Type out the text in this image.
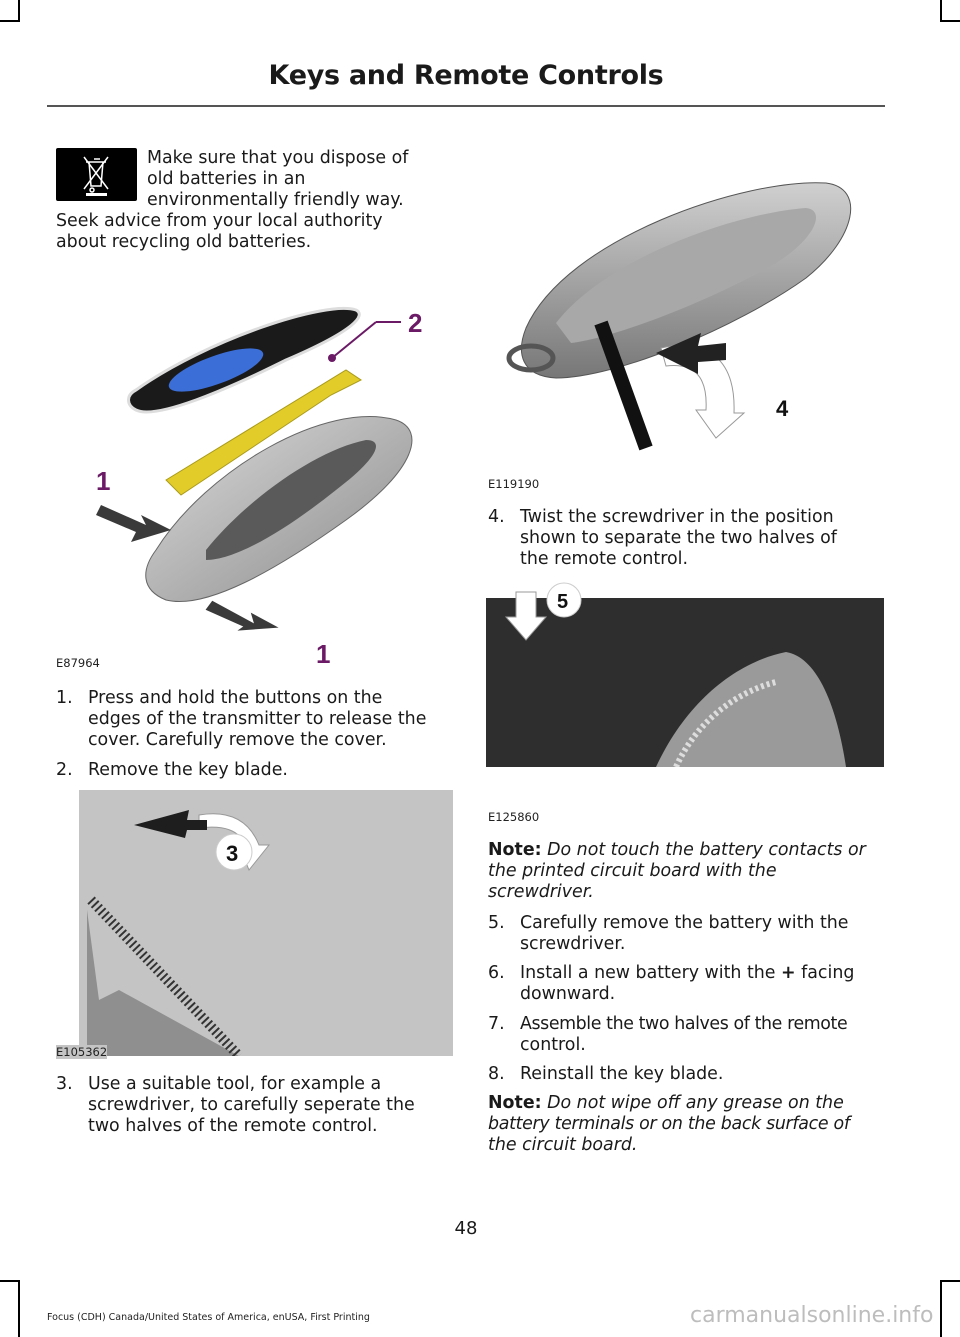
Keys and Remote Controls
Make sure that you dispose of
old batteries in an
environmentally friendly way.
Seek advice from your local authority
about recycling old batteries.
1
1
2
E87964
1. Press and hold the buttons on the
edges of the transmitter to release the
cover. Carefully remove the cover.
2. Remove the key blade.
3
E105362
3. Use a suitable tool, for example a
screwdriver, to carefully seperate the
two halves of the remote control.
4
E119190
4. Twist the screwdriver in the position
shown to separate the two halves of
the remote control.
5
E125860
Note: Do not touch the battery contacts or
the printed circuit board with the
screwdriver.
5. Carefully remove the battery with the
screwdriver.
6. Install a new battery with the + facing
downward.
7. Assemble the two halves of the remote
control.
8. Reinstall the key blade.
Note: Do not wipe off any grease on the
battery terminals or on the back surface of
the circuit board.
48
Focus (CDH) Canada/United States of America, enUSA, First Printing	carmanualsonline.info
